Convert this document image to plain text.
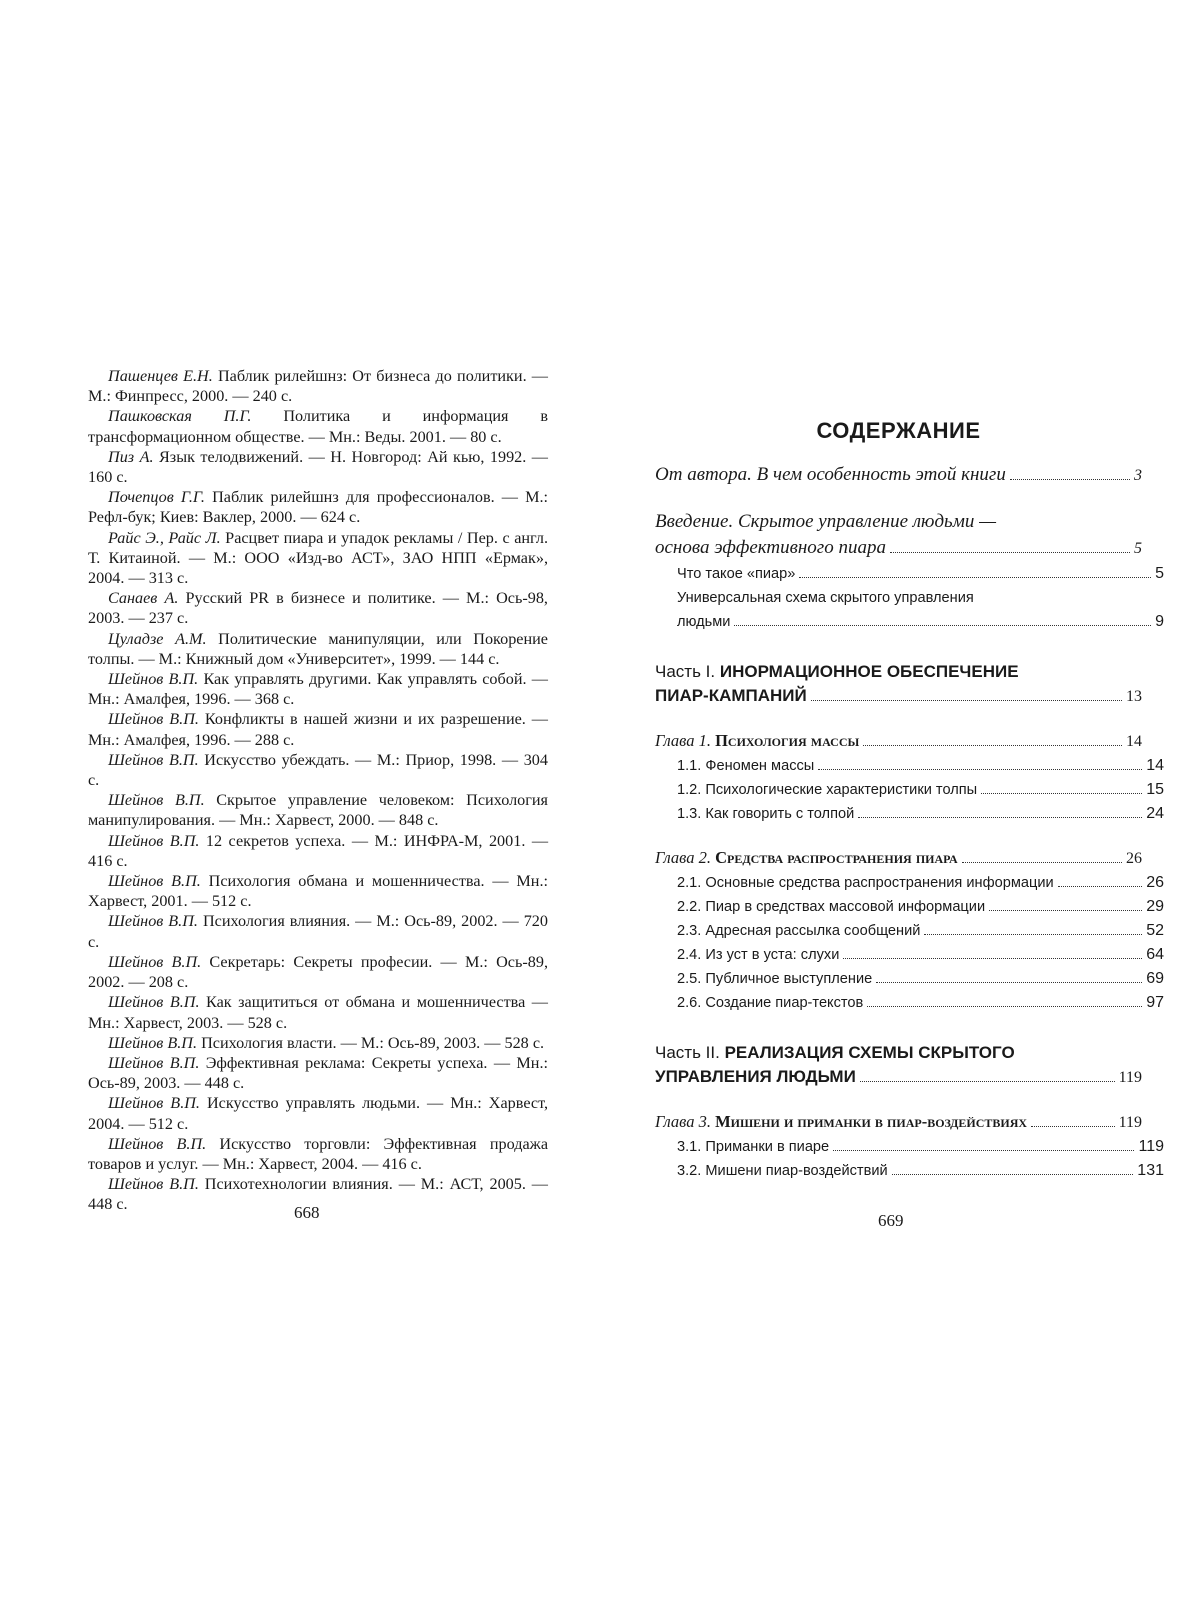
Пашенцев Е.Н. Паблик рилейшнз: От бизнеса до политики. — М.: Финпресс, 2000. — 240 с.

Пашковская П.Г. Политика и информация в трансформационном обществе. — Мн.: Веды. 2001. — 80 с.

Пиз А. Язык телодвижений. — Н. Новгород: Ай кью, 1992. — 160 с.

Почепцов Г.Г. Паблик рилейшнз для профессионалов. — М.: Рефл-бук; Киев: Ваклер, 2000. — 624 с.

Райс Э., Райс Л. Расцвет пиара и упадок рекламы / Пер. с англ. Т. Китаиной. — М.: ООО «Изд-во АСТ», ЗАО НПП «Ермак», 2004. — 313 с.

Санаев А. Русский PR в бизнесе и политике. — М.: Ось-98, 2003. — 237 с.

Цуладзе А.М. Политические манипуляции, или Покорение толпы. — М.: Книжный дом «Университет», 1999. — 144 с.

Шейнов В.П. Как управлять другими. Как управлять собой. — Мн.: Амалфея, 1996. — 368 с.

Шейнов В.П. Конфликты в нашей жизни и их разрешение. — Мн.: Амалфея, 1996. — 288 с.

Шейнов В.П. Искусство убеждать. — М.: Приор, 1998. — 304 с.

Шейнов В.П. Скрытое управление человеком: Психология манипулирования. — Мн.: Харвест, 2000. — 848 с.

Шейнов В.П. 12 секретов успеха. — М.: ИНФРА-М, 2001. — 416 с.

Шейнов В.П. Психология обмана и мошенничества. — Мн.: Харвест, 2001. — 512 с.

Шейнов В.П. Психология влияния. — М.: Ось-89, 2002. — 720 с.

Шейнов В.П. Секретарь: Секреты професии. — М.: Ось-89, 2002. — 208 с.

Шейнов В.П. Как защититься от обмана и мошенничества — Мн.: Харвест, 2003. — 528 с.

Шейнов В.П. Психология власти. — М.: Ось-89, 2003. — 528 с.

Шейнов В.П. Эффективная реклама: Секреты успеха. — Мн.: Ось-89, 2003. — 448 с.

Шейнов В.П. Искусство управлять людьми. — Мн.: Харвест, 2004. — 512 с.

Шейнов В.П. Искусство торговли: Эффективная продажа товаров и услуг. — Мн.: Харвест, 2004. — 416 с.

Шейнов В.П. Психотехнологии влияния. — М.: АСТ, 2005. — 448 с.	668
СОДЕРЖАНИЕ
От автора. В чем особенность этой книги	3
Введение. Скрытое управление людьми —
основа эффективного пиара	5
Что такое «пиар»	5
Универсальная схема скрытого управления
людьми	9
Часть I. ИНОРМАЦИОННОЕ ОБЕСПЕЧЕНИЕ
ПИАР-КАМПАНИЙ	13
Глава 1. Психология массы	14
1.1. Феномен массы	14
1.2. Психологические характеристики толпы	15
1.3. Как говорить с толпой	24
Глава 2. Средства распространения пиара	26
2.1. Основные средства распространения информации	26
2.2. Пиар в средствах массовой информации	29
2.3. Адресная рассылка сообщений	52
2.4. Из уст в уста: слухи	64
2.5. Публичное выступление	69
2.6. Создание пиар-текстов	97
Часть II. РЕАЛИЗАЦИЯ СХЕМЫ СКРЫТОГО
УПРАВЛЕНИЯ ЛЮДЬМИ	119
Глава 3. Мишени и приманки в пиар-воздействиях	119
3.1. Приманки в пиаре	119
3.2. Мишени пиар-воздействий	131
669
